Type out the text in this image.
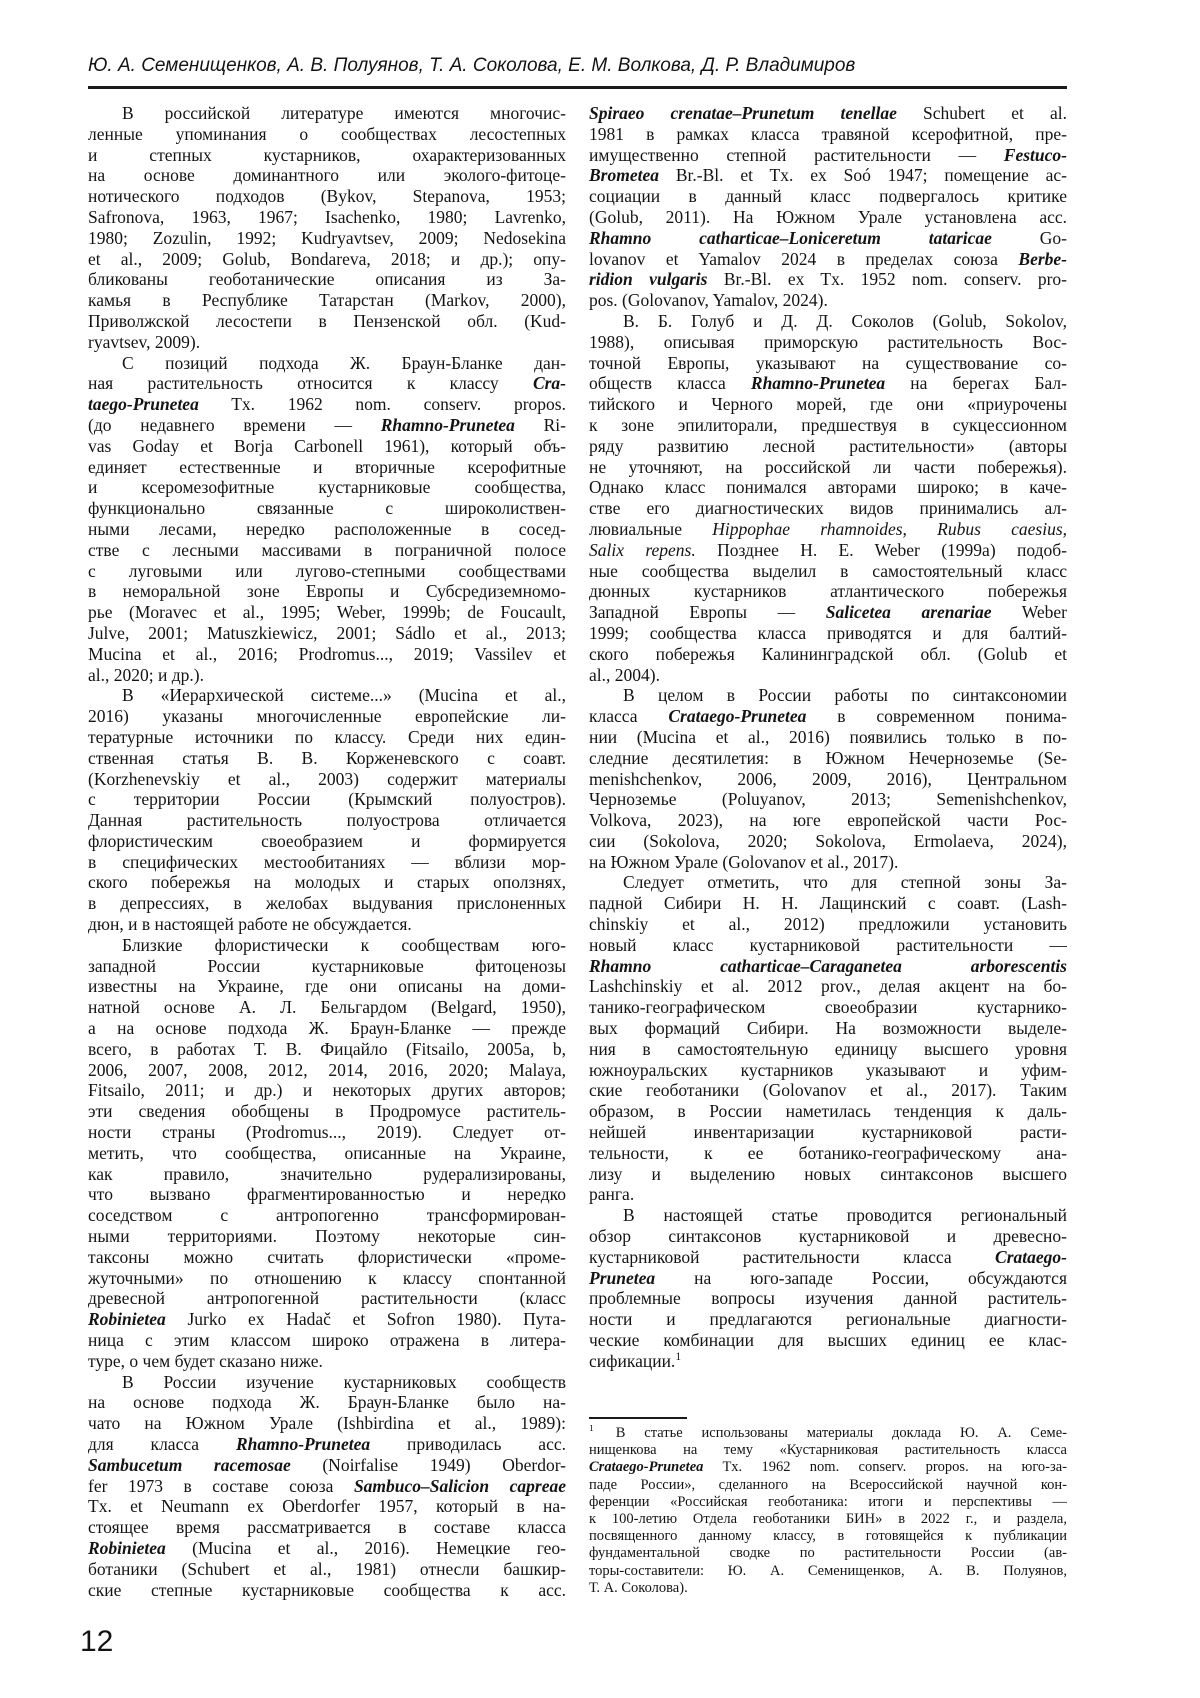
Ю. А. Семенищенков, А. В. Полуянов, Т. А. Соколова, Е. М. Волкова, Д. Р. Владимиров
В российской литературе имеются многочис-
ленные упоминания о сообществах лесостепных
и степных кустарников, охарактеризованных
на основе доминантного или эколого-фитоце-
нотического подходов (Bykov, Stepanova, 1953;
Safronova, 1963, 1967; Isachenko, 1980; Lavrenko,
1980; Zozulin, 1992; Kudryavtsev, 2009; Nedosekina
et al., 2009; Golub, Bondareva, 2018; и др.); опу-
бликованы геоботанические описания из За-
камья в Республике Татарстан (Markov, 2000),
Приволжской лесостепи в Пензенской обл. (Kud-
ryavtsev, 2009).
С позиций подхода Ж. Браун-Бланке дан-
ная растительность относится к классу Cra-
taego-Prunetea Tx. 1962 nom. conserv. propos.
(до недавнего времени — Rhamno-Prunetea Ri-
vas Goday et Borja Carbonell 1961), который объ-
единяет естественные и вторичные ксерофитные
и ксеромезофитные кустарниковые сообщества,
функционально связанные с широколиствен-
ными лесами, нередко расположенные в сосед-
стве с лесными массивами в пограничной полосе
с луговыми или лугово-степными сообществами
в неморальной зоне Европы и Субсредиземномо-
рье (Moravec et al., 1995; Weber, 1999b; de Foucault,
Julve, 2001; Matuszkiewicz, 2001; Sádlo et al., 2013;
Mucina et al., 2016; Prodromus..., 2019; Vassilev et
al., 2020; и др.).
В «Иерархической системе...» (Mucina et al.,
2016) указаны многочисленные европейские ли-
тературные источники по классу. Среди них един-
ственная статья В. В. Корженевского с соавт.
(Korzhenevskiy et al., 2003) содержит материалы
с территории России (Крымский полуостров).
Данная растительность полуострова отличается
флористическим своеобразием и формируется
в специфических местообитаниях — вблизи мор-
ского побережья на молодых и старых оползнях,
в депрессиях, в желобах выдувания прислоненных
дюн, и в настоящей работе не обсуждается.
Близкие флористически к сообществам юго-
западной России кустарниковые фитоценозы
известны на Украине, где они описаны на доми-
натной основе А. Л. Бельгардом (Belgard, 1950),
а на основе подхода Ж. Браун-Бланке — прежде
всего, в работах Т. В. Фицайло (Fitsailo, 2005a, b,
2006, 2007, 2008, 2012, 2014, 2016, 2020; Malaya,
Fitsailo, 2011; и др.) и некоторых других авторов;
эти сведения обобщены в Продромусе раститель-
ности страны (Prodromus..., 2019). Следует от-
метить, что сообщества, описанные на Украине,
как правило, значительно рудерализированы,
что вызвано фрагментированностью и нередко
соседством с антропогенно трансформирован-
ными территориями. Поэтому некоторые син-
таксоны можно считать флористически «проме-
жуточными» по отношению к классу спонтанной
древесной антропогенной растительности (класс
Robinietea Jurko ex Hadač et Sofron 1980). Пута-
ница с этим классом широко отражена в литера-
туре, о чем будет сказано ниже.
В России изучение кустарниковых сообществ
на основе подхода Ж. Браун-Бланке было на-
чато на Южном Урале (Ishbirdina et al., 1989):
для класса Rhamno-Prunetea приводилась асс.
Sambucetum racemosae (Noirfalise 1949) Oberdor-
fer 1973 в составе союза Sambuco–Salicion capreae
Tx. et Neumann ex Oberdorfer 1957, который в на-
стоящее время рассматривается в составе класса
Robinietea (Mucina et al., 2016). Немецкие гео-
ботаники (Schubert et al., 1981) отнесли башкир-
ские степные кустарниковые сообщества к асс.
Spiraeo crenatae–Prunetum tenellae Schubert et al.
1981 в рамках класса травяной ксерофитной, пре-
имущественно степной растительности — Festuco-
Brometea Br.-Bl. et Tx. ex Soó 1947; помещение ас-
социации в данный класс подвергалось критике
(Golub, 2011). На Южном Урале установлена асс.
Rhamno catharticae–Loniceretum tataricae Go-
lovanov et Yamalov 2024 в пределах союза Berbe-
ridion vulgaris Br.-Bl. ex Tx. 1952 nom. conserv. pro-
pos. (Golovanov, Yamalov, 2024).
В. Б. Голуб и Д. Д. Соколов (Golub, Sokolov,
1988), описывая приморскую растительность Вос-
точной Европы, указывают на существование со-
обществ класса Rhamno-Prunetea на берегах Бал-
тийского и Черного морей, где они «приурочены
к зоне эпилиторали, предшествуя в сукцессионном
ряду развитию лесной растительности» (авторы
не уточняют, на российской ли части побережья).
Однако класс понимался авторами широко; в каче-
стве его диагностических видов принимались ал-
лювиальные Hippophae rhamnoides, Rubus caesius,
Salix repens. Позднее H. E. Weber (1999a) подоб-
ные сообщества выделил в самостоятельный класс
дюнных кустарников атлантического побережья
Западной Европы — Salicetea arenariae Weber
1999; сообщества класса приводятся и для балтий-
ского побережья Калининградской обл. (Golub et
al., 2004).
В целом в России работы по синтаксономии
класса Crataego-Prunetea в современном понима-
нии (Mucina et al., 2016) появились только в по-
следние десятилетия: в Южном Нечерноземье (Se-
menishchenkov, 2006, 2009, 2016), Центральном
Черноземье (Poluyanov, 2013; Semenishchenkov,
Volkova, 2023), на юге европейской части Рос-
сии (Sokolova, 2020; Sokolova, Ermolaeva, 2024),
на Южном Урале (Golovanov et al., 2017).
Следует отметить, что для степной зоны За-
падной Сибири Н. Н. Лащинский с соавт. (Lash-
chinskiy et al., 2012) предложили установить
новый класс кустарниковой растительности —
Rhamno catharticae–Caraganetea arborescentis
Lashchinskiy et al. 2012 prov., делая акцент на бо-
танико-географическом своеобразии кустарнико-
вых формаций Сибири. На возможности выделе-
ния в самостоятельную единицу высшего уровня
южноуральских кустарников указывают и уфим-
ские геоботаники (Golovanov et al., 2017). Таким
образом, в России наметилась тенденция к даль-
нейшей инвентаризации кустарниковой расти-
тельности, к ее ботанико-географическому ана-
лизу и выделению новых синтаксонов высшего
ранга.
В настоящей статье проводится региональный
обзор синтаксонов кустарниковой и древесно-
кустарниковой растительности класса Crataego-
Prunetea на юго-западе России, обсуждаются
проблемные вопросы изучения данной раститель-
ности и предлагаются региональные диагности-
ческие комбинации для высших единиц ее клас-
сификации.$^1$
$^1$ В статье использованы материалы доклада Ю. А. Семе-
нищенкова на тему «Кустарниковая растительность класса
Crataego-Prunetea Tx. 1962 nom. conserv. propos. на юго-за-
паде России», сделанного на Всероссийской научной кон-
ференции «Российская геоботаника: итоги и перспективы —
к 100-летию Отдела геоботаники БИН» в 2022 г., и раздела,
посвященного данному классу, в готовящейся к публикации
фундаментальной сводке по растительности России (ав-
торы-составители: Ю. А. Семенищенков, А. В. Полуянов,
Т. А. Соколова).
12
